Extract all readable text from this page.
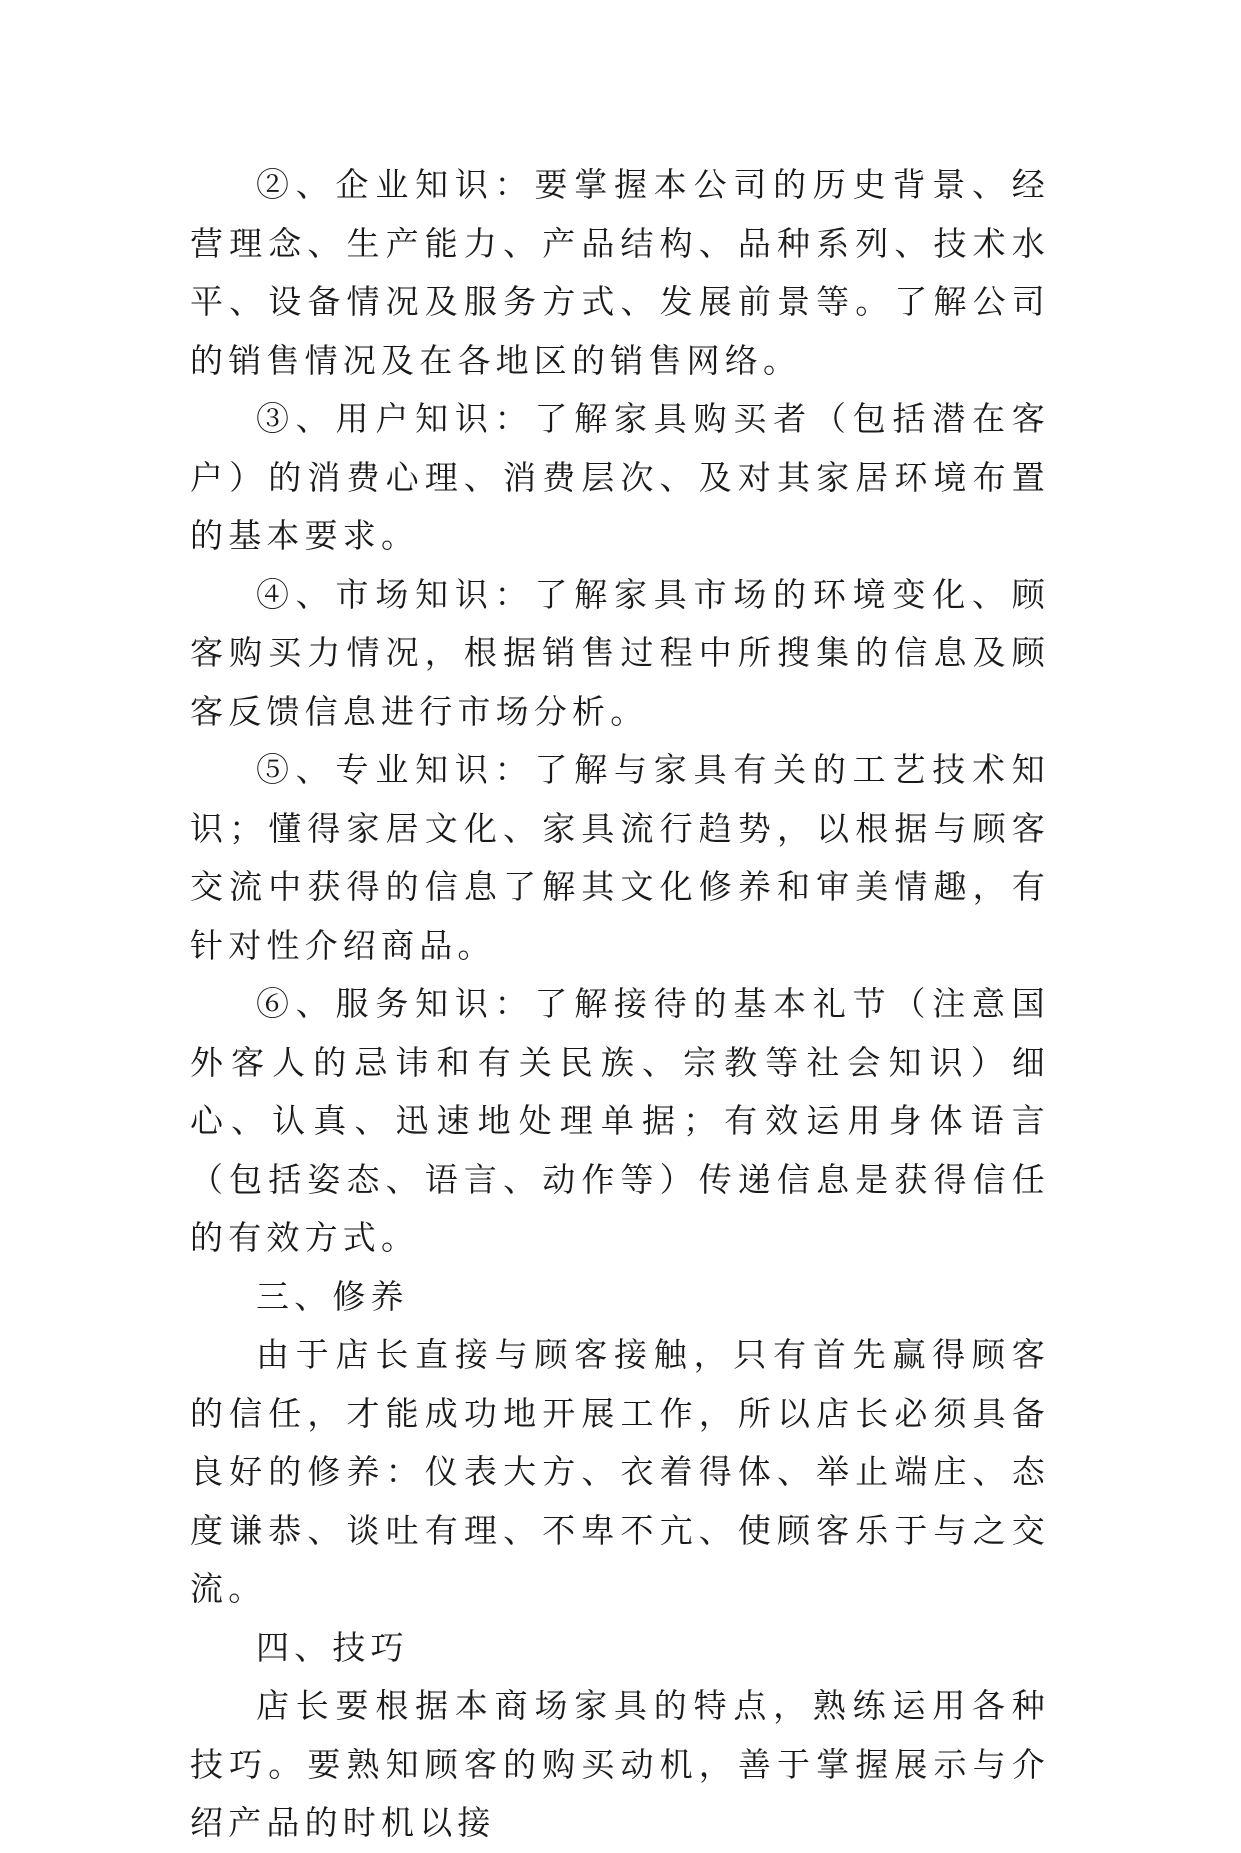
②、企业知识：要掌握本公司的历史背景、经营理念、生产能力、产品结构、品种系列、技术水平、设备情况及服务方式、发展前景等。了解公司的销售情况及在各地区的销售网络。

③、用户知识：了解家具购买者（包括潜在客户）的消费心理、消费层次、及对其家居环境布置的基本要求。

④、市场知识：了解家具市场的环境变化、顾客购买力情况，根据销售过程中所搜集的信息及顾客反馈信息进行市场分析。

⑤、专业知识：了解与家具有关的工艺技术知识；懂得家居文化、家具流行趋势，以根据与顾客交流中获得的信息了解其文化修养和审美情趣，有针对性介绍商品。

⑥、服务知识：了解接待的基本礼节（注意国外客人的忌讳和有关民族、宗教等社会知识）细心、认真、迅速地处理单据；有效运用身体语言（包括姿态、语言、动作等）传递信息是获得信任的有效方式。

三、修养

由于店长直接与顾客接触，只有首先赢得顾客的信任，才能成功地开展工作，所以店长必须具备良好的修养：仪表大方、衣着得体、举止端庄、态度谦恭、谈吐有理、不卑不亢、使顾客乐于与之交流。

四、技巧

店长要根据本商场家具的特点，熟练运用各种技巧。要熟知顾客的购买动机，善于掌握展示与介绍产品的时机以接
